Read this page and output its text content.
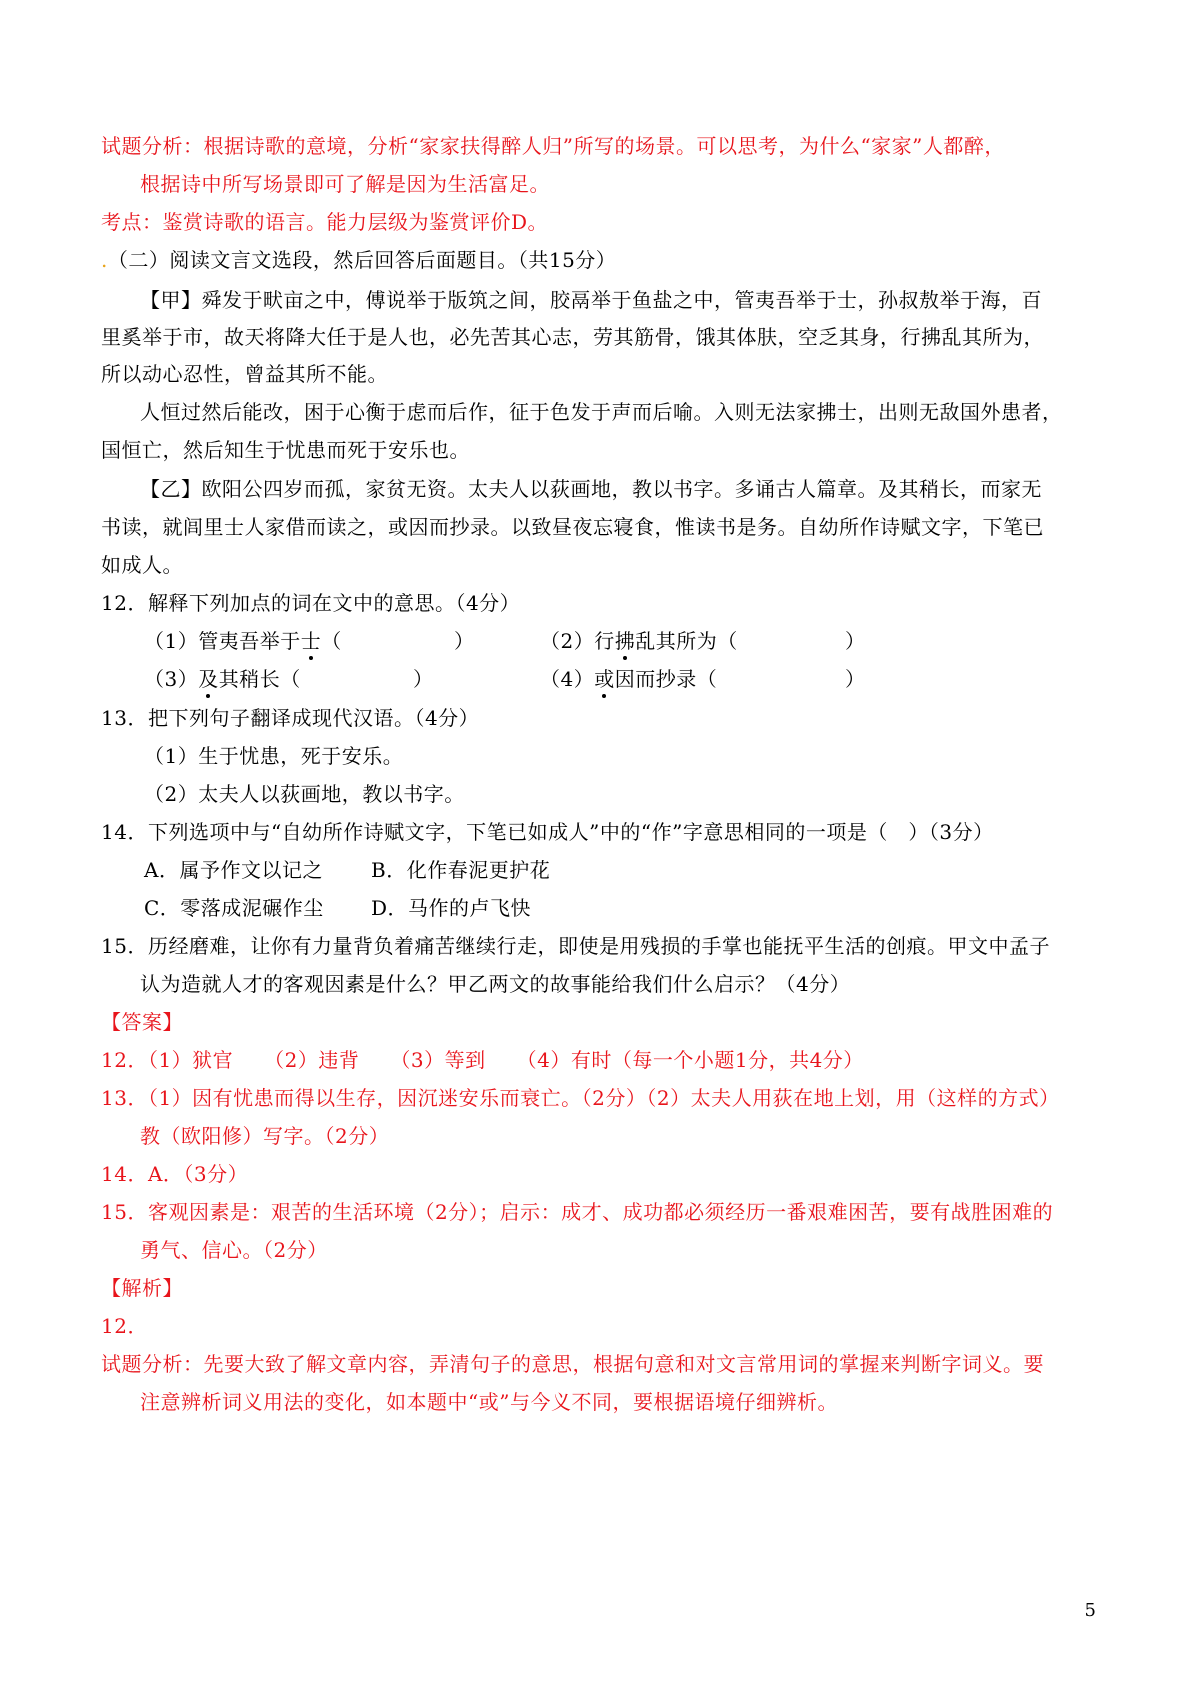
试题分析：根据诗歌的意境，分析“家家扶得醉人归”所写的场景。可以思考，为什么“家家”人都醉，
根据诗中所写场景即可了解是因为生活富足。
考点：鉴赏诗歌的语言。能力层级为鉴赏评价D。
.（二）阅读文言文选段，然后回答后面题目。（共15分）
【甲】舜发于畎亩之中，傅说举于版筑之间，胶鬲举于鱼盐之中，管夷吾举于士，孙叔敖举于海，百
里奚举于市，故天将降大任于是人也，必先苦其心志，劳其筋骨，饿其体肤，空乏其身，行拂乱其所为，
所以动心忍性，曾益其所不能。
人恒过然后能改，困于心衡于虑而后作，征于色发于声而后喻。入则无法家拂士，出则无敌国外患者，
国恒亡，然后知生于忧患而死于安乐也。
【乙】欧阳公四岁而孤，家贫无资。太夫人以荻画地，教以书字。多诵古人篇章。及其稍长，而家无
书读，就闾里士人家借而读之，或因而抄录。以致昼夜忘寝食，惟读书是务。自幼所作诗赋文字，下笔已
如成人。
12．解释下列加点的词在文中的意思。（4分）
（1）管夷吾举于士（	）	（2）行拂乱其所为（	）
（3）及其稍长（	）	（4）或因而抄录（	）
13．把下列句子翻译成现代汉语。（4分）
（1）生于忧患，死于安乐。
（2）太夫人以荻画地，教以书字。
14．下列选项中与“自幼所作诗赋文字，下笔已如成人”中的“作”字意思相同的一项是（　）（3分）
A．属予作文以记之 B．化作春泥更护花
C．零落成泥碾作尘 D．马作的卢飞快
15．历经磨难，让你有力量背负着痛苦继续行走，即使是用残损的手掌也能抚平生活的创痕。甲文中孟子
认为造就人才的客观因素是什么？甲乙两文的故事能给我们什么启示？（4分）
【答案】
12．（1）狱官　　（2）违背　　（3）等到　　（4）有时（每一个小题1分，共4分）
13．（1）因有忧患而得以生存，因沉迷安乐而衰亡。（2分）（2）太夫人用荻在地上划，用（这样的方式）
教（欧阳修）写字。（2分）
14．A．（3分）
15．客观因素是：艰苦的生活环境（2分）；启示：成才、成功都必须经历一番艰难困苦，要有战胜困难的
勇气、信心。（2分）
【解析】
12．
试题分析：先要大致了解文章内容，弄清句子的意思，根据句意和对文言常用词的掌握来判断字词义。要
注意辨析词义用法的变化，如本题中“或”与今义不同，要根据语境仔细辨析。
5
